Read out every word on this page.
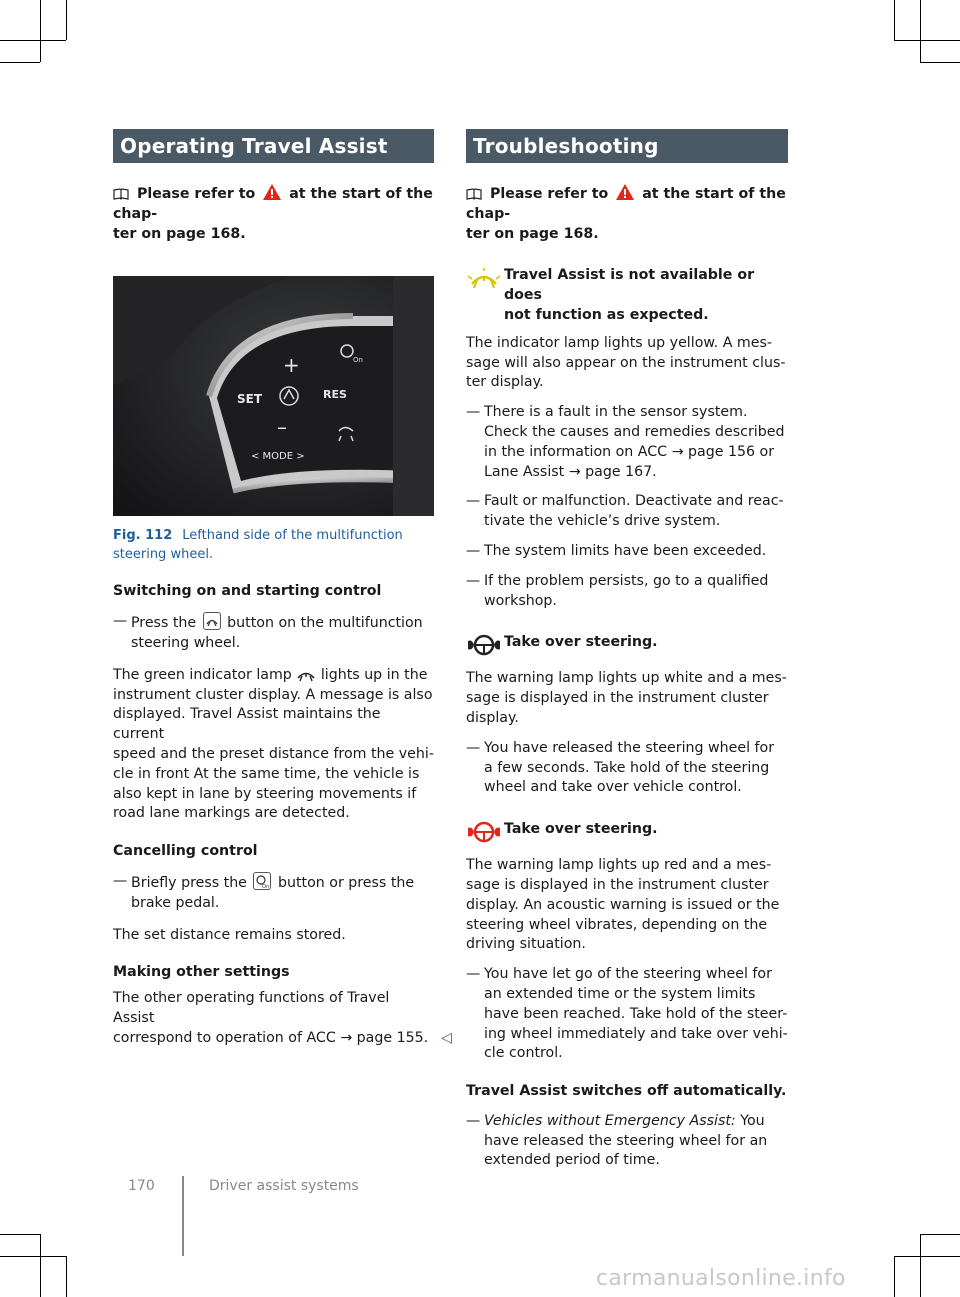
Operating Travel Assist

Please refer to at the start of the chap-
ter on page 168.

+
–
SET	RES
< MODE >
On
Fig. 112 Lefthand side of the multifunction
steering wheel.

Switching on and starting control

— Press the button on the multifunction
steering wheel.

The green indicator lamp lights up in the
instrument cluster display. A message is also
displayed. Travel Assist maintains the current
speed and the preset distance from the vehi-
cle in front At the same time, the vehicle is
also kept in lane by steering movements if
road lane markings are detected.

Cancelling control

— Briefly press the	On button or press the
brake pedal.

The set distance remains stored.

Making other settings

The other operating functions of Travel Assist
correspond to operation of ACC → page 155. ◁

Troubleshooting

Please refer to at the start of the chap-
ter on page 168.

Travel Assist is not available or does
not function as expected.

The indicator lamp lights up yellow. A mes-
sage will also appear on the instrument clus-
ter display.

— There is a fault in the sensor system.
Check the causes and remedies described
in the information on ACC → page 156 or
Lane Assist → page 167.

— Fault or malfunction. Deactivate and reac-
tivate the vehicle’s drive system.

— The system limits have been exceeded.

— If the problem persists, go to a qualified
workshop.

Take over steering.

The warning lamp lights up white and a mes-
sage is displayed in the instrument cluster
display.

— You have released the steering wheel for
a few seconds. Take hold of the steering
wheel and take over vehicle control.

Take over steering.

The warning lamp lights up red and a mes-
sage is displayed in the instrument cluster
display. An acoustic warning is issued or the
steering wheel vibrates, depending on the
driving situation.

— You have let go of the steering wheel for
an extended time or the system limits
have been reached. Take hold of the steer-
ing wheel immediately and take over vehi-
cle control.

Travel Assist switches off automatically.

— Vehicles without Emergency Assist: You
have released the steering wheel for an
extended period of time.

170	Driver assist systems
carmanualsonline.info
